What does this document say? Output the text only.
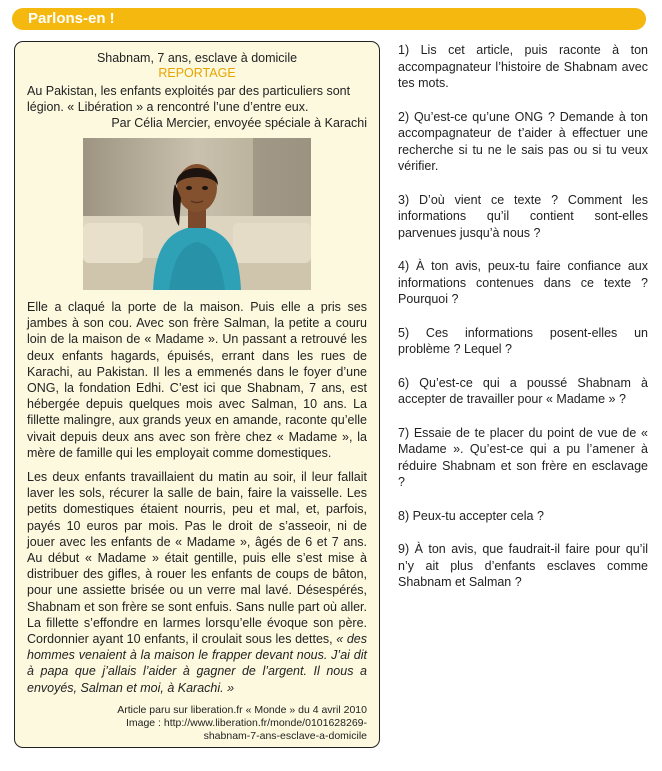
Parlons-en !
Shabnam, 7 ans, esclave à domicile
REPORTAGE
Au Pakistan, les enfants exploités par des particuliers sont légion. « Libération » a rencontré l’une d’entre eux.
Par Célia Mercier, envoyée spéciale à Karachi

Elle a claqué la porte de la maison. Puis elle a pris ses jambes à son cou. Avec son frère Salman, la petite a couru loin de la maison de « Madame ». Un passant a retrouvé les deux enfants hagards, épuisés, errant dans les rues de Karachi, au Pakistan. Il les a emmenés dans le foyer d’une ONG, la fondation Edhi. C’est ici que Shabnam, 7 ans, est hébergée depuis quelques mois avec Salman, 10 ans. La fillette malingre, aux grands yeux en amande, raconte qu’elle vivait depuis deux ans avec son frère chez « Madame », la mère de famille qui les employait comme domestiques.

Les deux enfants travaillaient du matin au soir, il leur fallait laver les sols, récurer la salle de bain, faire la vaisselle. Les petits domestiques étaient nourris, peu et mal, et, parfois, payés 10 euros par mois. Pas le droit de s’asseoir, ni de jouer avec les enfants de « Madame », âgés de 6 et 7 ans. Au début « Madame » était gentille, puis elle s’est mise à distribuer des gifles, à rouer les enfants de coups de bâton, pour une assiette brisée ou un verre mal lavé. Désespérés, Shabnam et son frère se sont enfuis. Sans nulle part où aller. La fillette s’effondre en larmes lorsqu’elle évoque son père. Cordonnier ayant 10 enfants, il croulait sous les dettes, « des hommes venaient à la maison le frapper devant nous. J’ai dit à papa que j’allais l’aider à gagner de l’argent. Il nous a envoyés, Salman et moi, à Karachi. »

Article paru sur liberation.fr « Monde » du 4 avril 2010
Image : http://www.liberation.fr/monde/0101628269-
shabnam-7-ans-esclave-a-domicile

1) Lis cet article, puis raconte à ton accompagnateur l’histoire de Shabnam avec tes mots.

2) Qu’est-ce qu’une ONG ? Demande à ton accompagnateur de t’aider à effectuer une recherche si tu ne le sais pas ou si tu veux vérifier.

3) D’où vient ce texte ? Comment les informations qu’il contient sont-elles parvenues jusqu’à nous ?

4) À ton avis, peux-tu faire confiance aux informations contenues dans ce texte ? Pourquoi ?

5) Ces informations posent-elles un problème ? Lequel ?

6) Qu’est-ce qui a poussé Shabnam à accepter de travailler pour « Madame » ?

7) Essaie de te placer du point de vue de « Madame ». Qu’est-ce qui a pu l’amener à réduire Shabnam et son frère en esclavage ?

8) Peux-tu accepter cela ?

9) À ton avis, que faudrait-il faire pour qu’il n’y ait plus d’enfants esclaves comme Shabnam et Salman ?
